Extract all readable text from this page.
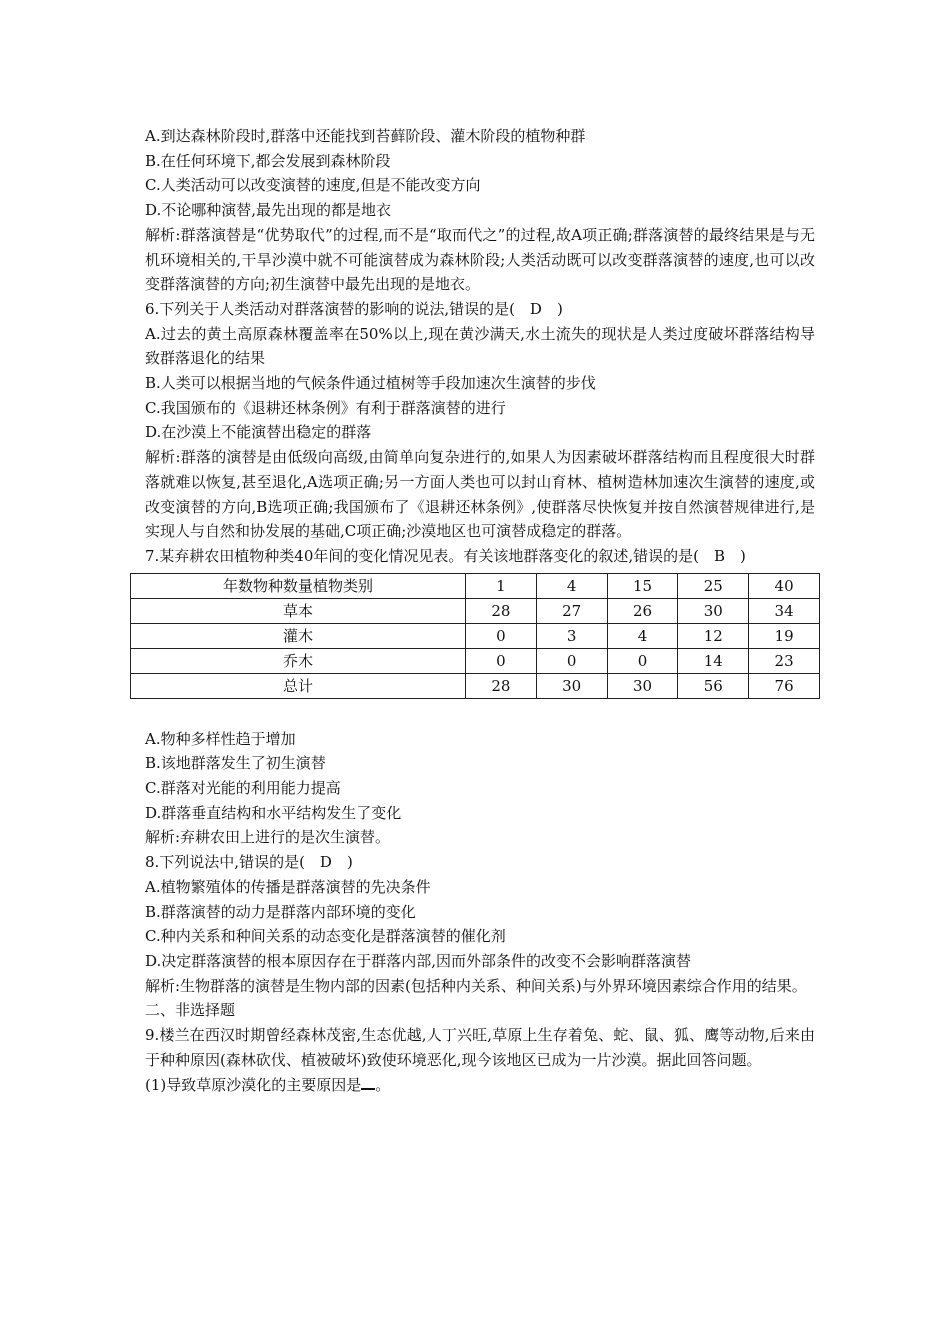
A.到达森林阶段时,群落中还能找到苔藓阶段、灌木阶段的植物种群
B.在任何环境下,都会发展到森林阶段
C.人类活动可以改变演替的速度,但是不能改变方向
D.不论哪种演替,最先出现的都是地衣
解析:群落演替是“优势取代”的过程,而不是“取而代之”的过程,故A项正确;群落演替的最终结果是与无机环境相关的,干旱沙漠中就不可能演替成为森林阶段;人类活动既可以改变群落演替的速度,也可以改变群落演替的方向;初生演替中最先出现的是地衣。
6.下列关于人类活动对群落演替的影响的说法,错误的是(　D　)
A.过去的黄土高原森林覆盖率在50%以上,现在黄沙满天,水土流失的现状是人类过度破坏群落结构导致群落退化的结果
B.人类可以根据当地的气候条件通过植树等手段加速次生演替的步伐
C.我国颁布的《退耕还林条例》有利于群落演替的进行
D.在沙漠上不能演替出稳定的群落
解析:群落的演替是由低级向高级,由简单向复杂进行的,如果人为因素破坏群落结构而且程度很大时群落就难以恢复,甚至退化,A选项正确;另一方面人类也可以封山育林、植树造林加速次生演替的速度,或改变演替的方向,B选项正确;我国颁布了《退耕还林条例》,使群落尽快恢复并按自然演替规律进行,是实现人与自然和协发展的基础,C项正确;沙漠地区也可演替成稳定的群落。
7.某弃耕农田植物种类40年间的变化情况见表。有关该地群落变化的叙述,错误的是(　B　)
年数物种数量植物类别	1	4	15	25	40
草本	28	27	26	30	34
灌木	0	3	4	12	19
乔木	0	0	0	14	23
总计	28	30	30	56	76
A.物种多样性趋于增加
B.该地群落发生了初生演替
C.群落对光能的利用能力提高
D.群落垂直结构和水平结构发生了变化
解析:弃耕农田上进行的是次生演替。
8.下列说法中,错误的是(　D　)
A.植物繁殖体的传播是群落演替的先决条件
B.群落演替的动力是群落内部环境的变化
C.种内关系和种间关系的动态变化是群落演替的催化剂
D.决定群落演替的根本原因存在于群落内部,因而外部条件的改变不会影响群落演替
解析:生物群落的演替是生物内部的因素(包括种内关系、种间关系)与外界环境因素综合作用的结果。
二、非选择题
9.楼兰在西汉时期曾经森林茂密,生态优越,人丁兴旺,草原上生存着兔、蛇、鼠、狐、鹰等动物,后来由于种种原因(森林砍伐、植被破坏)致使环境恶化,现今该地区已成为一片沙漠。据此回答问题。
(1)导致草原沙漠化的主要原因是 。
